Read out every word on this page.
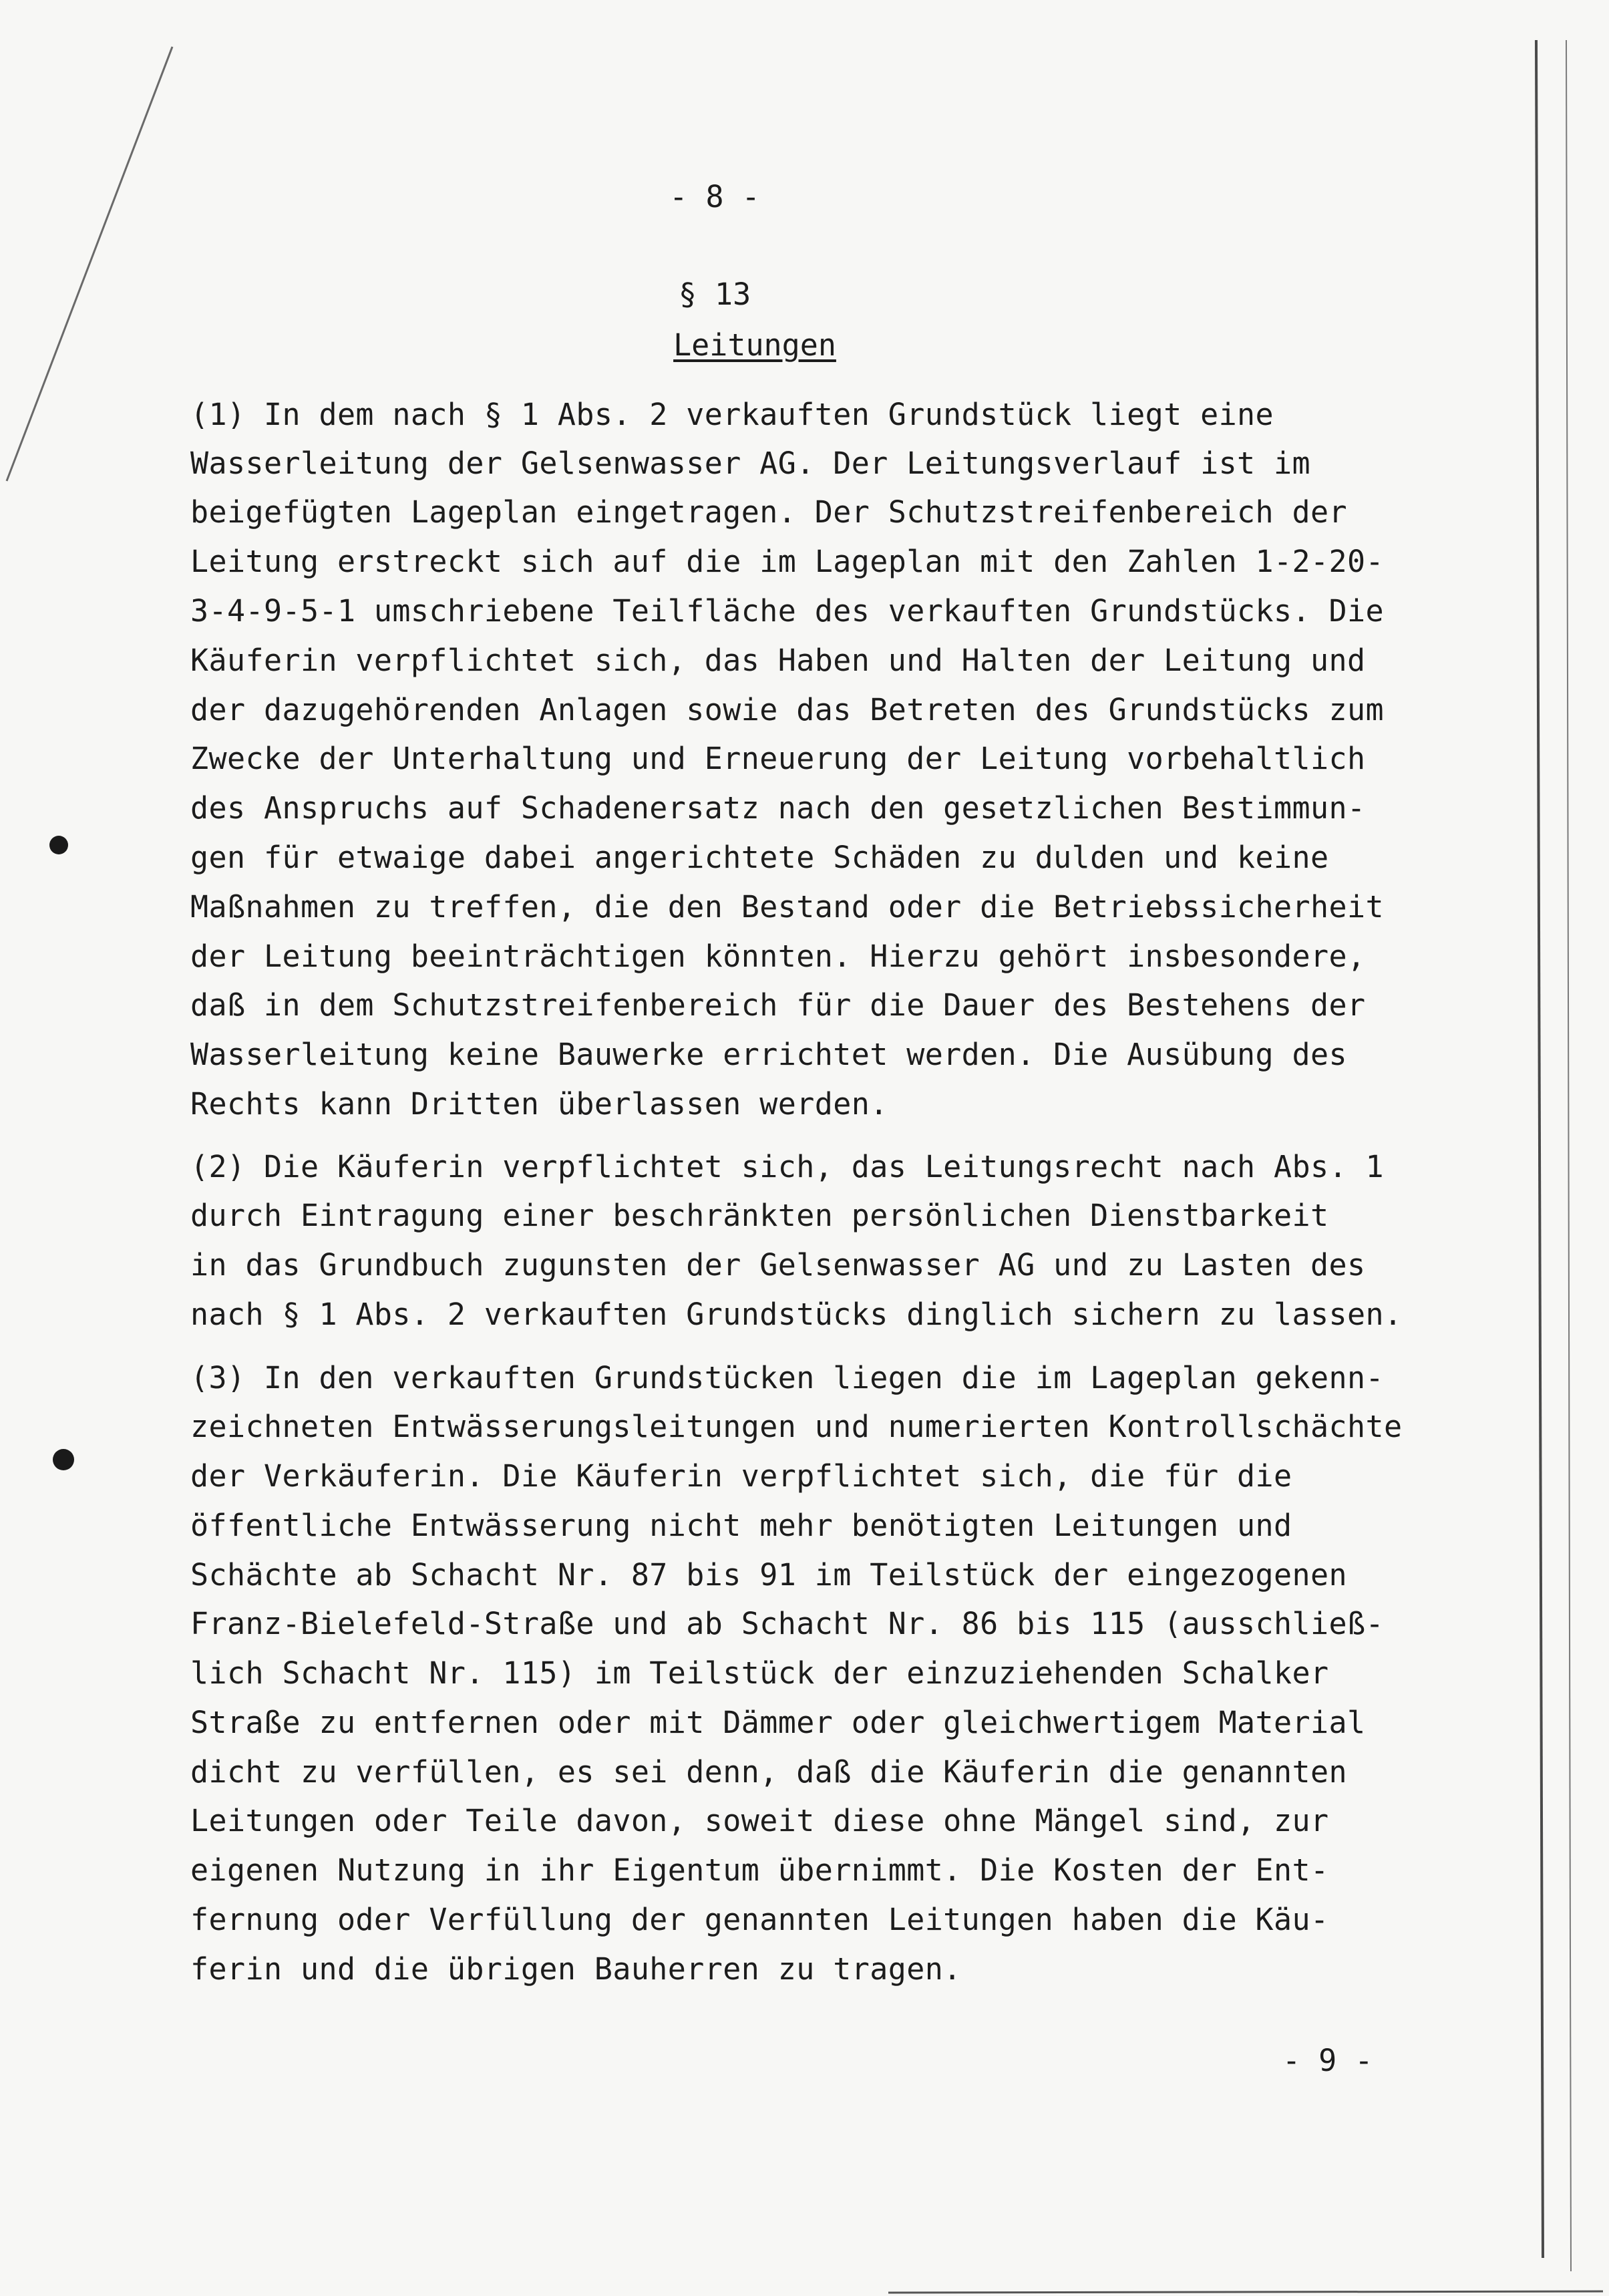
- 8 -
§ 13
Leitungen
(1) In dem nach § 1 Abs. 2 verkauften Grundstück liegt eine
Wasserleitung der Gelsenwasser AG. Der Leitungsverlauf ist im
beigefügten Lageplan eingetragen. Der Schutzstreifenbereich der
Leitung erstreckt sich auf die im Lageplan mit den Zahlen 1-2-20-
3-4-9-5-1 umschriebene Teilfläche des verkauften Grundstücks. Die
Käuferin verpflichtet sich, das Haben und Halten der Leitung und
der dazugehörenden Anlagen sowie das Betreten des Grundstücks zum
Zwecke der Unterhaltung und Erneuerung der Leitung vorbehaltlich
des Anspruchs auf Schadenersatz nach den gesetzlichen Bestimmun-
gen für etwaige dabei angerichtete Schäden zu dulden und keine
Maßnahmen zu treffen, die den Bestand oder die Betriebssicherheit
der Leitung beeinträchtigen könnten. Hierzu gehört insbesondere,
daß in dem Schutzstreifenbereich für die Dauer des Bestehens der
Wasserleitung keine Bauwerke errichtet werden. Die Ausübung des
Rechts kann Dritten überlassen werden.
(2) Die Käuferin verpflichtet sich, das Leitungsrecht nach Abs. 1
durch Eintragung einer beschränkten persönlichen Dienstbarkeit
in das Grundbuch zugunsten der Gelsenwasser AG und zu Lasten des
nach § 1 Abs. 2 verkauften Grundstücks dinglich sichern zu lassen.
(3) In den verkauften Grundstücken liegen die im Lageplan gekenn-
zeichneten Entwässerungsleitungen und numerierten Kontrollschächte
der Verkäuferin. Die Käuferin verpflichtet sich, die für die
öffentliche Entwässerung nicht mehr benötigten Leitungen und
Schächte ab Schacht Nr. 87 bis 91 im Teilstück der eingezogenen
Franz-Bielefeld-Straße und ab Schacht Nr. 86 bis 115 (ausschließ-
lich Schacht Nr. 115) im Teilstück der einzuziehenden Schalker
Straße zu entfernen oder mit Dämmer oder gleichwertigem Material
dicht zu verfüllen, es sei denn, daß die Käuferin die genannten
Leitungen oder Teile davon, soweit diese ohne Mängel sind, zur
eigenen Nutzung in ihr Eigentum übernimmt. Die Kosten der Ent-
fernung oder Verfüllung der genannten Leitungen haben die Käu-
ferin und die übrigen Bauherren zu tragen.
- 9 -
